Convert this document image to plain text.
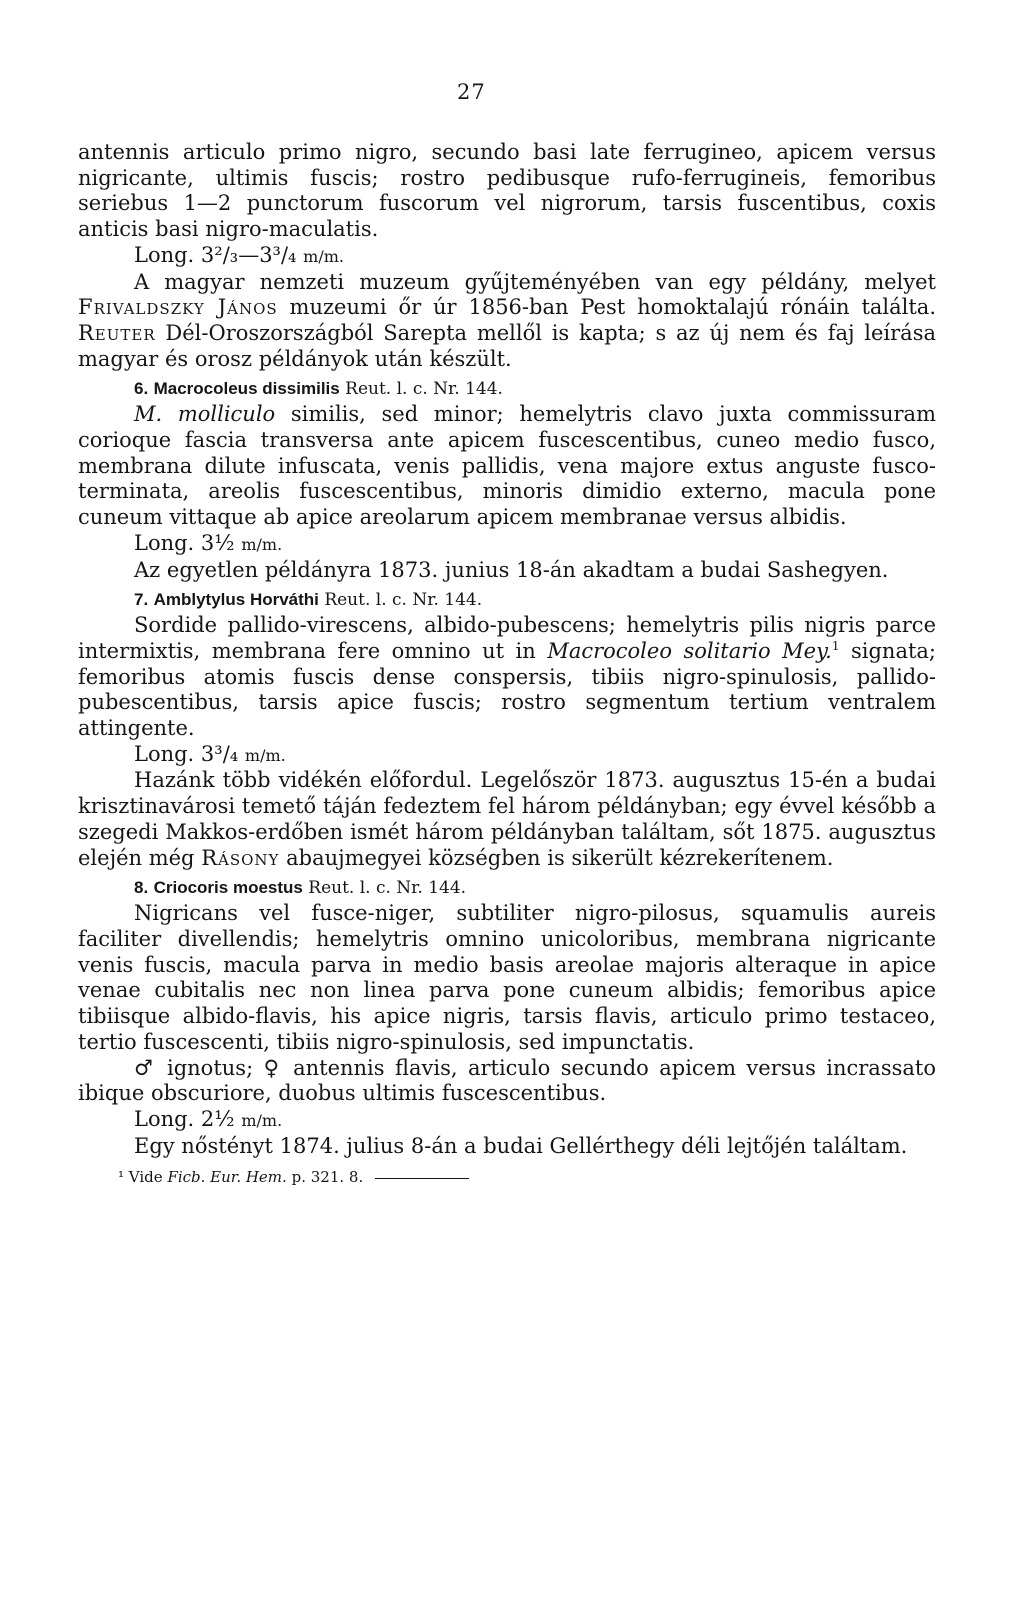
27

antennis articulo primo nigro, secundo basi late ferrugineo, apicem versus nigricante, ultimis fuscis; rostro pedibusque rufo-ferrugineis, femoribus seriebus 1—2 punctorum fuscorum vel nigrorum, tarsis fuscentibus, coxis anticis basi nigro-maculatis.

Long. 3²/₃—3³/₄ m/m.

A magyar nemzeti muzeum gyűjteményében van egy példány, melyet Frivaldszky János muzeumi őr úr 1856-ban Pest homoktalajú rónáin találta. Reuter Dél-Oroszországból Sarepta mellől is kapta; s az új nem és faj leírása magyar és orosz példányok után készült.

6. Macrocoleus dissimilis Reut. l. c. Nr. 144.

M. molliculo similis, sed minor; hemelytris clavo juxta commissuram corioque fascia transversa ante apicem fuscescentibus, cuneo medio fusco, membrana dilute infuscata, venis pallidis, vena majore extus anguste fusco-terminata, areolis fuscescentibus, minoris dimidio externo, macula pone cuneum vittaque ab apice areolarum apicem membranae versus albidis.

Long. 3½ m/m.

Az egyetlen példányra 1873. junius 18-án akadtam a budai Sashegyen.

7. Amblytylus Horváthi Reut. l. c. Nr. 144.

Sordide pallido-virescens, albido-pubescens; hemelytris pilis nigris parce intermixtis, membrana fere omnino ut in Macrocoleo solitario Mey.$^1$ signata; femoribus atomis fuscis dense conspersis, tibiis nigro-spinulosis, pallido-pubescentibus, tarsis apice fuscis; rostro segmentum tertium ventralem attingente.

Long. 3³/₄ m/m.

Hazánk több vidékén előfordul. Legelőször 1873. augusztus 15-én a budai krisztinavárosi temető táján fedeztem fel három példányban; egy évvel később a szegedi Makkos-erdőben ismét három példányban találtam, sőt 1875. augusztus elején még Rásony abaujmegyei községben is sikerült kézrekerítenem.

8. Criocoris moestus Reut. l. c. Nr. 144.

Nigricans vel fusce-niger, subtiliter nigro-pilosus, squamulis aureis faciliter divellendis; hemelytris omnino unicoloribus, membrana nigricante venis fuscis, macula parva in medio basis areolae majoris alteraque in apice venae cubitalis nec non linea parva pone cuneum albidis; femoribus apice tibiisque albido-flavis, his apice nigris, tarsis flavis, articulo primo testaceo, tertio fuscescenti, tibiis nigro-spinulosis, sed impunctatis.

♂ ignotus; ♀ antennis flavis, articulo secundo apicem versus incrassato ibique obscuriore, duobus ultimis fuscescentibus.

Long. 2½ m/m.

Egy nőstényt 1874. julius 8-án a budai Gellérthegy déli lejtőjén találtam.

¹ Vide Ficb. Eur. Hem. p. 321. 8.
